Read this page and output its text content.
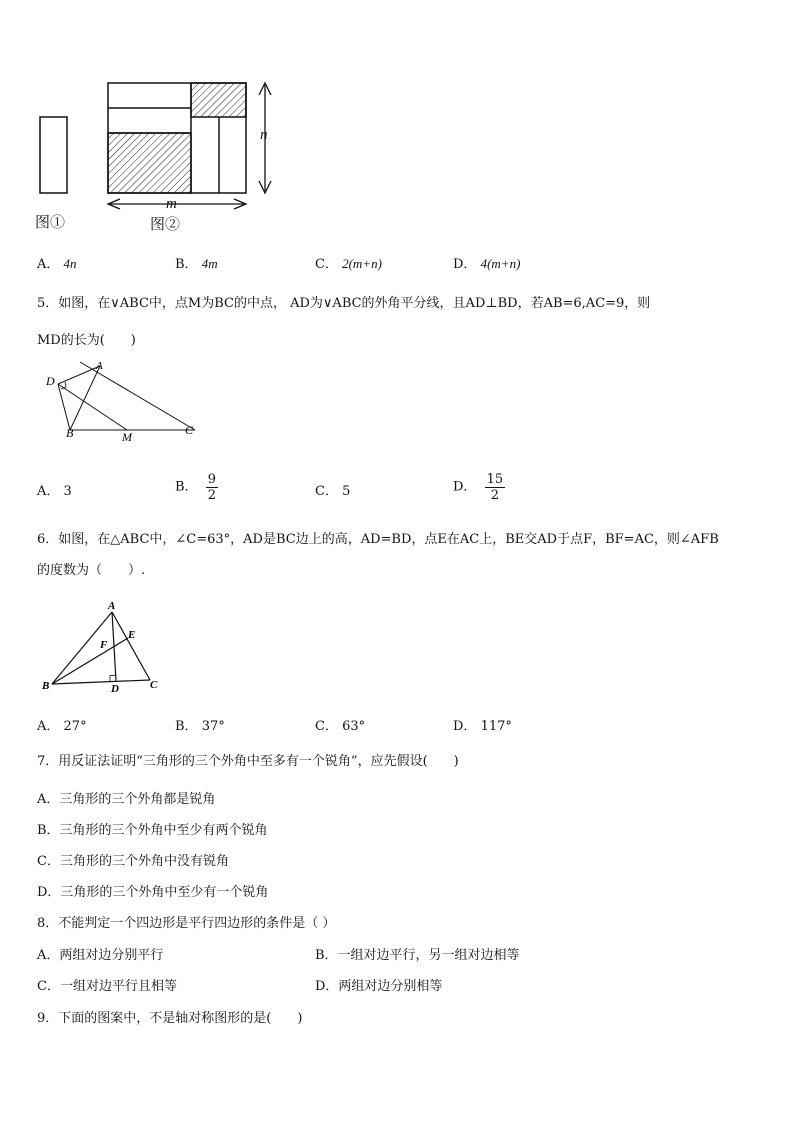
n
m
图①	图②
A． 4n	B． 4m	C． 2(m+n)	D． 4(m+n)
5．如图，在∨ABC中，点M为BC的中点， AD为∨ABC的外角平分线，且AD⊥BD，若AB=6,AC=9，则
MD的长为(　　)
A
D
B	M	C
A． 3	B． $\frac{9}{2}$	C． 5	D． $\frac{15}{2}$
6．如图，在△ABC中，∠C=63°，AD是BC边上的高，AD=BD，点E在AC上，BE交AD于点F，BF=AC，则∠AFB
的度数为（　　）.
A
E
F
B	D	C
A． 27°	B． 37°	C． 63°	D． 117°
7．用反证法证明“三角形的三个外角中至多有一个锐角”，应先假设(　　)
A．三角形的三个外角都是锐角
B．三角形的三个外角中至少有两个锐角
C．三角形的三个外角中没有锐角
D．三角形的三个外角中至少有一个锐角
8．不能判定一个四边形是平行四边形的条件是（ ）
A．两组对边分别平行	B．一组对边平行，另一组对边相等
C．一组对边平行且相等	D．两组对边分别相等
9．下面的图案中，不是轴对称图形的是(　　)
